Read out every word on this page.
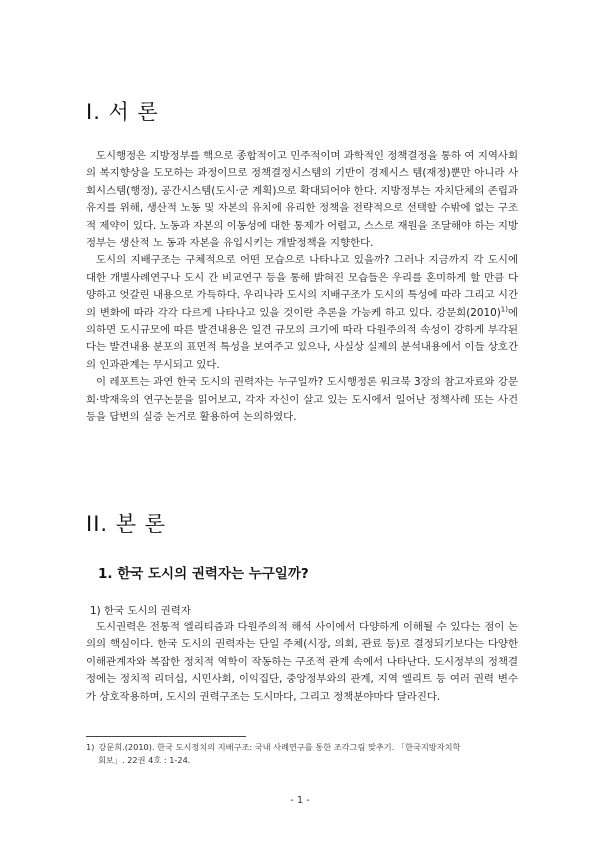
I. 서 론

도시행정은 지방정부를 핵으로 종합적이고 민주적이며 과학적인 정책결정을 통하 여 지역사회의 복지향상을 도모하는 과정이므로 정책결정시스템의 기반이 경제시스 템(재정)뿐만 아니라 사회시스템(행정), 공간시스템(도시·군 계획)으로 확대되어야 한다. 지방정부는 자치단체의 존립과 유지를 위해, 생산적 노동 및 자본의 유치에 유리한 정책을 전략적으로 선택할 수밖에 없는 구조적 제약이 있다. 노동과 자본의 이동성에 대한 통제가 어렵고, 스스로 재원을 조달해야 하는 지방정부는 생산적 노 동과 자본을 유입시키는 개발정책을 지향한다.

도시의 지배구조는 구체적으로 어떤 모습으로 나타나고 있을까? 그러나 지금까지 각 도시에 대한 개별사례연구나 도시 간 비교연구 등을 통해 밝혀진 모습들은 우리를 혼미하게 할 만큼 다양하고 엇갈린 내용으로 가득하다. 우리나라 도시의 지배구조가 도시의 특성에 따라 그리고 시간의 변화에 따라 각각 다르게 나타나고 있을 것이란 추론을 가능케 하고 있다. 강문희$(2010)^{1)}$에 의하면 도시규모에 따른 발견내용은 일견 규모의 크기에 따라 다원주의적 속성이 강하게 부각된다는 발견내용 분포의 표면적 특성을 보여주고 있으나, 사실상 실제의 분석내용에서 이들 상호간의 인과관계는 무시되고 있다.

이 레포트는 과연 한국 도시의 권력자는 누구일까? 도시행정론 워크북 3장의 참고자료와 강문희·박재욱의 연구논문을 읽어보고, 각자 자신이 살고 있는 도시에서 일어난 정책사례 또는 사건 등을 답변의 실증 논거로 활용하여 논의하였다.

II. 본 론
1. 한국 도시의 권력자는 누구일까?
1) 한국 도시의 권력자

도시권력은 전통적 엘리티즘과 다원주의적 해석 사이에서 다양하게 이해될 수 있다는 점이 논의의 핵심이다. 한국 도시의 권력자는 단일 주체(시장, 의회, 관료 등)로 결정되기보다는 다양한 이해관계자와 복잡한 정치적 역학이 작동하는 구조적 관계 속에서 나타난다. 도시정부의 정책결정에는 정치적 리더십, 시민사회, 이익집단, 중앙정부와의 관계, 지역 엘리트 등 여러 권력 변수가 상호작용하며, 도시의 권력구조는 도시마다, 그리고 정책분야마다 달라진다.

1) 강문희.(2010). 한국 도시정치의 지배구조: 국내 사례연구를 통한 조각그림 맞추기. 「한국지방자치학
회보」. 22권 4호 : 1-24.
- 1 -
